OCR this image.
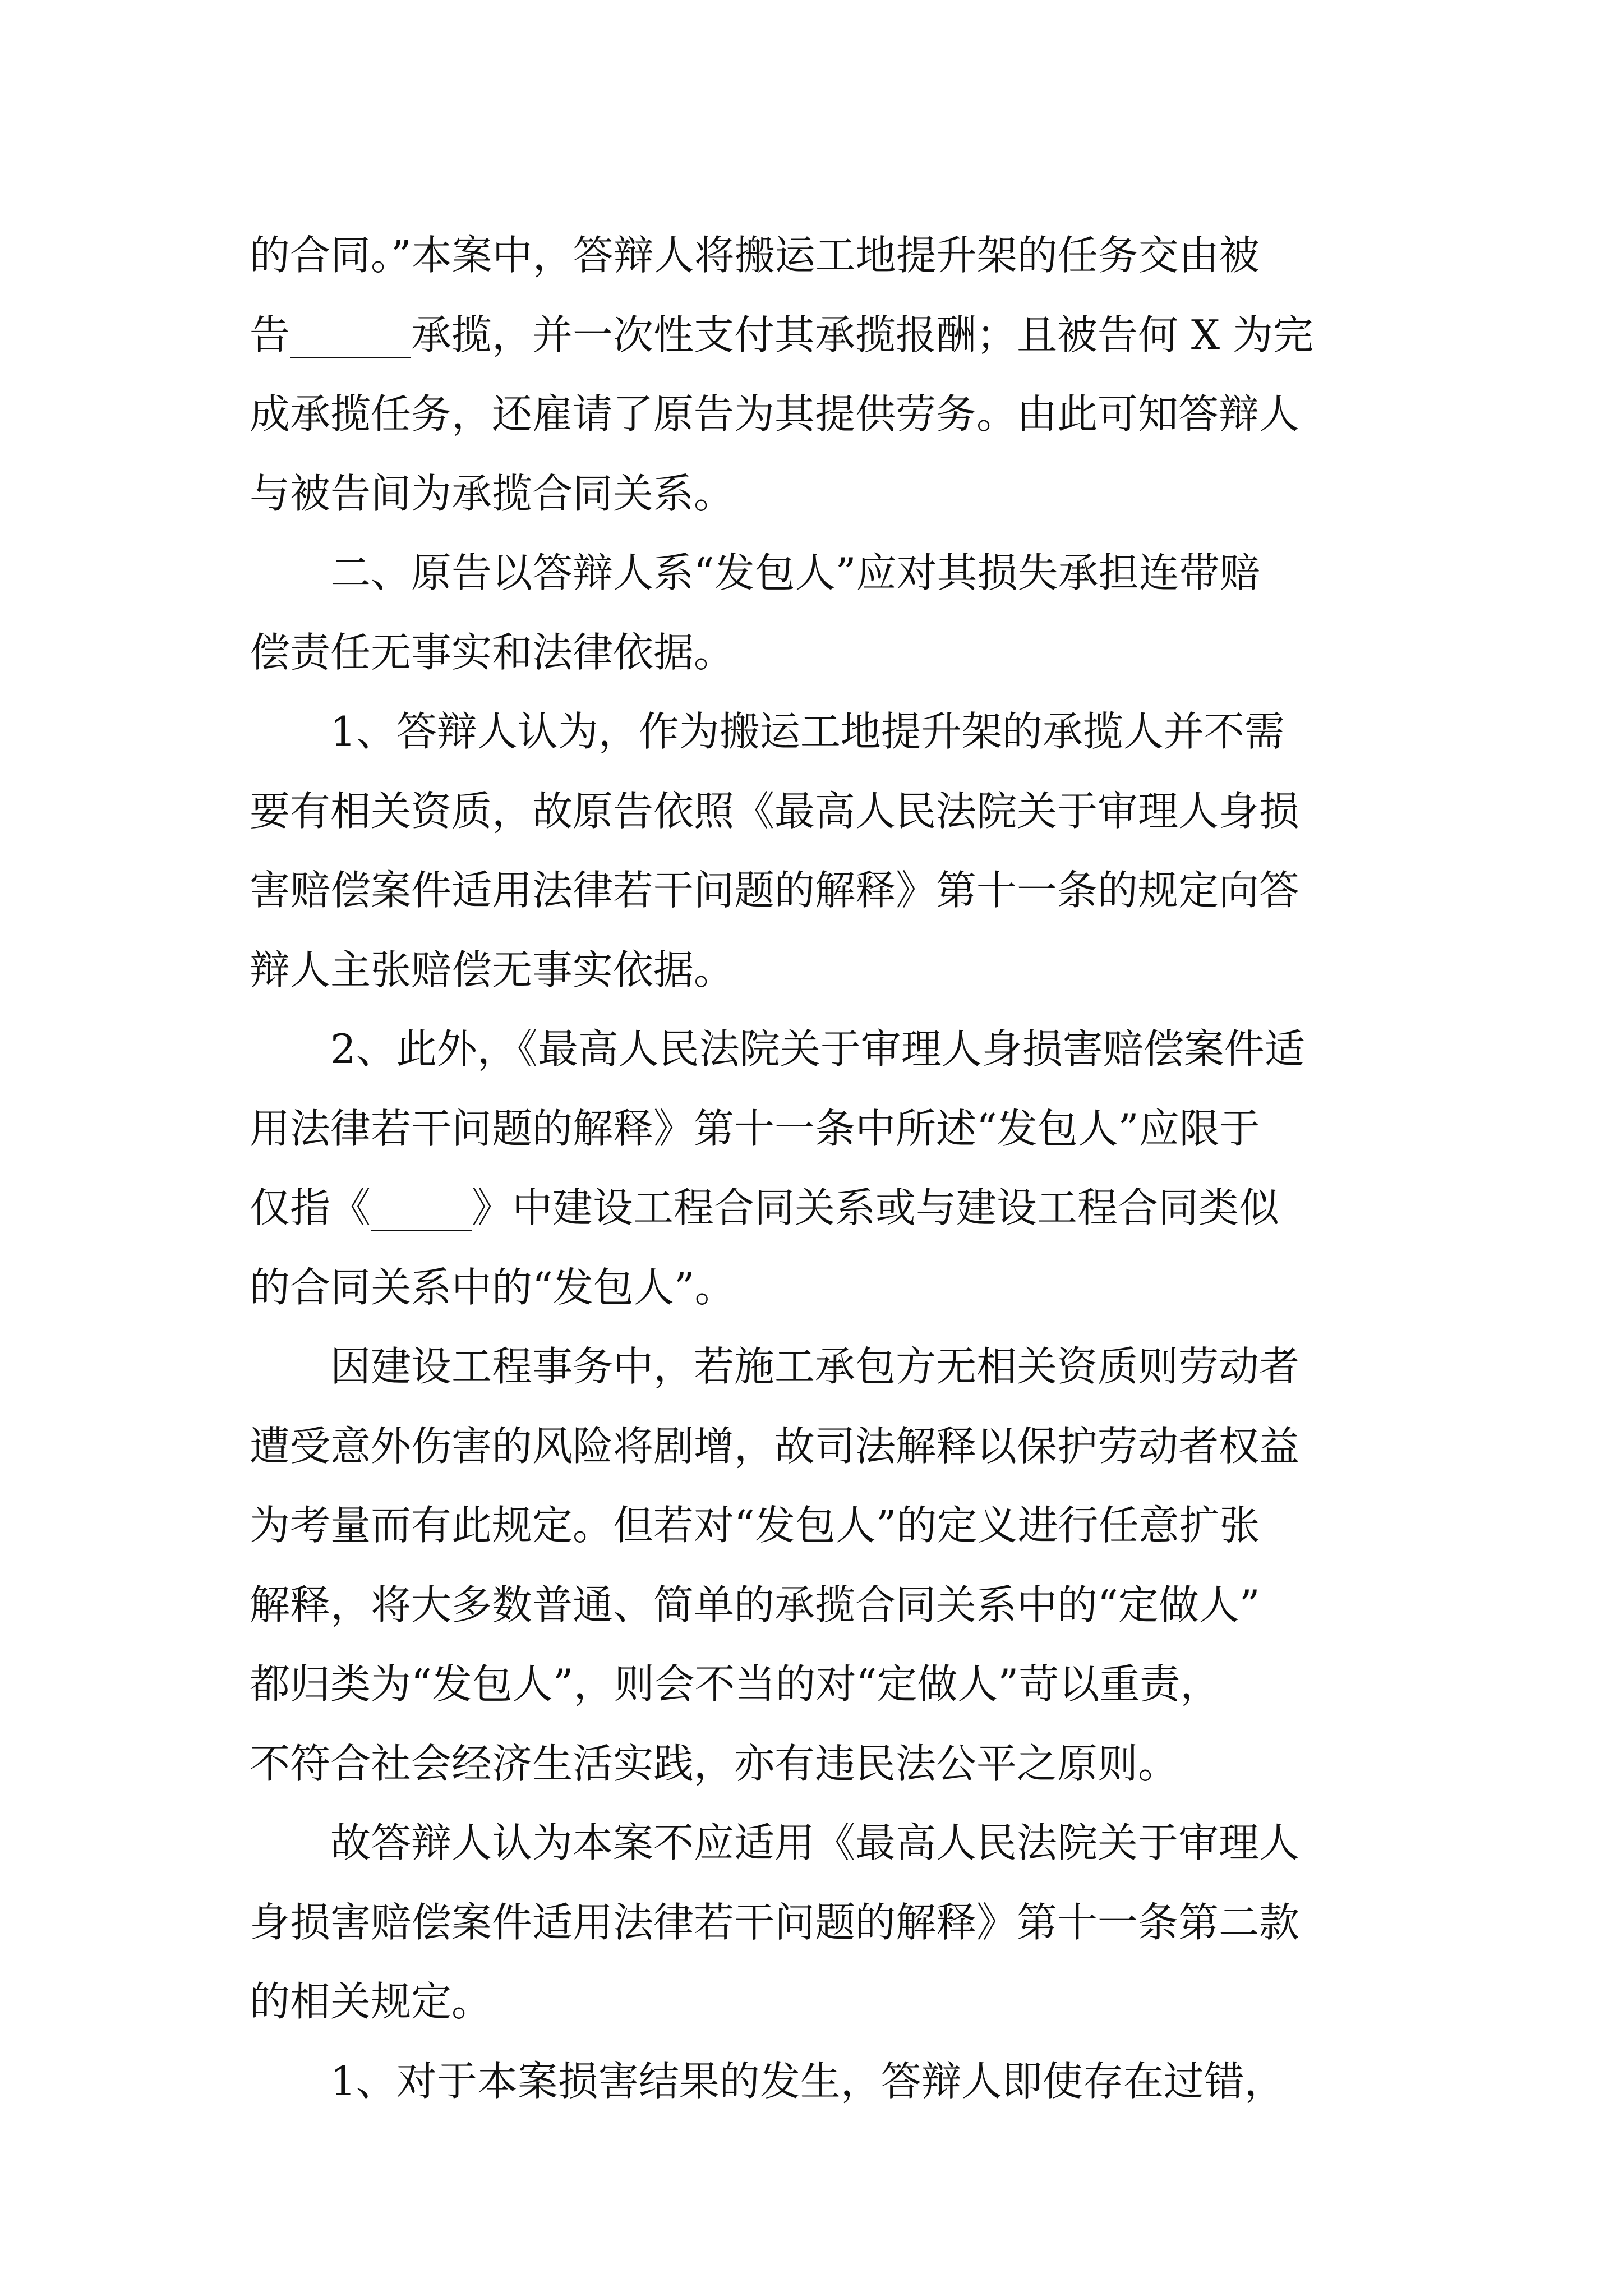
的合同。”本案中，答辩人将搬运工地提升架的任务交由被
告______承揽，并一次性支付其承揽报酬；且被告何 X 为完
成承揽任务，还雇请了原告为其提供劳务。由此可知答辩人
与被告间为承揽合同关系。

二、原告以答辩人系“发包人”应对其损失承担连带赔
偿责任无事实和法律依据。

1、答辩人认为，作为搬运工地提升架的承揽人并不需
要有相关资质，故原告依照《最高人民法院关于审理人身损
害赔偿案件适用法律若干问题的解释》第十一条的规定向答
辩人主张赔偿无事实依据。

2、此外，《最高人民法院关于审理人身损害赔偿案件适
用法律若干问题的解释》第十一条中所述“发包人”应限于
仅指《_____》中建设工程合同关系或与建设工程合同类似
的合同关系中的“发包人”。

因建设工程事务中，若施工承包方无相关资质则劳动者
遭受意外伤害的风险将剧增，故司法解释以保护劳动者权益
为考量而有此规定。但若对“发包人”的定义进行任意扩张
解释，将大多数普通、简单的承揽合同关系中的“定做人”
都归类为“发包人”，则会不当的对“定做人”苛以重责，
不符合社会经济生活实践，亦有违民法公平之原则。

故答辩人认为本案不应适用《最高人民法院关于审理人
身损害赔偿案件适用法律若干问题的解释》第十一条第二款
的相关规定。

1、对于本案损害结果的发生，答辩人即使存在过错，
